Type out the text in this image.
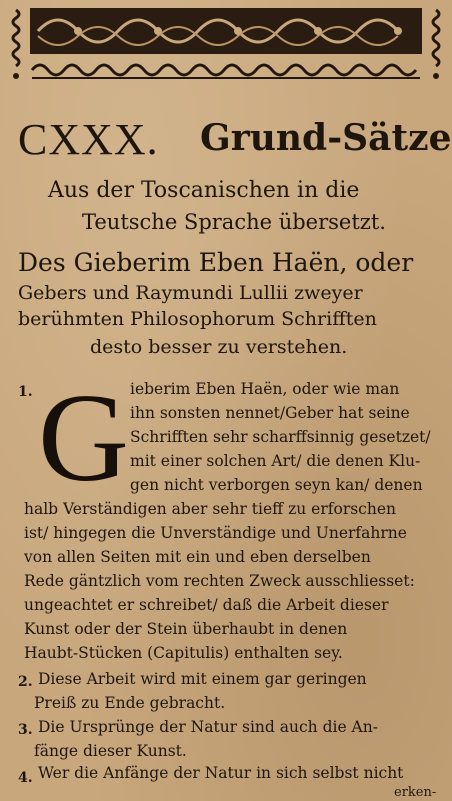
CXXX. Grund-Sätze
Aus der Toscanischen in die
Teutsche Sprache übersetzt.
Des Gieberim Eben Haën, oder
Gebers und Raymundi Lullii zweyer
berühmten Philosophorum Schrifften
desto besser zu verstehen.
1. G ieberim Eben Haën, oder wie man
ihn sonsten nennet/Geber hat seine
Schrifften sehr scharffsinnig gesetzet/
mit einer solchen Art/ die denen Klu-
gen nicht verborgen seyn kan/ denen
halb Verständigen aber sehr tieff zu erforschen
ist/ hingegen die Unverständige und Unerfahrne
von allen Seiten mit ein und eben derselben
Rede gäntzlich vom rechten Zweck ausschliesset:
ungeachtet er schreibet/ daß die Arbeit dieser
Kunst oder der Stein überhaubt in denen
Haubt-Stücken (Capitulis) enthalten sey.
2. Diese Arbeit wird mit einem gar geringen
Preiß zu Ende gebracht.
3. Die Ursprünge der Natur sind auch die An-
fänge dieser Kunst.
4. Wer die Anfänge der Natur in sich selbst nicht
erken-
